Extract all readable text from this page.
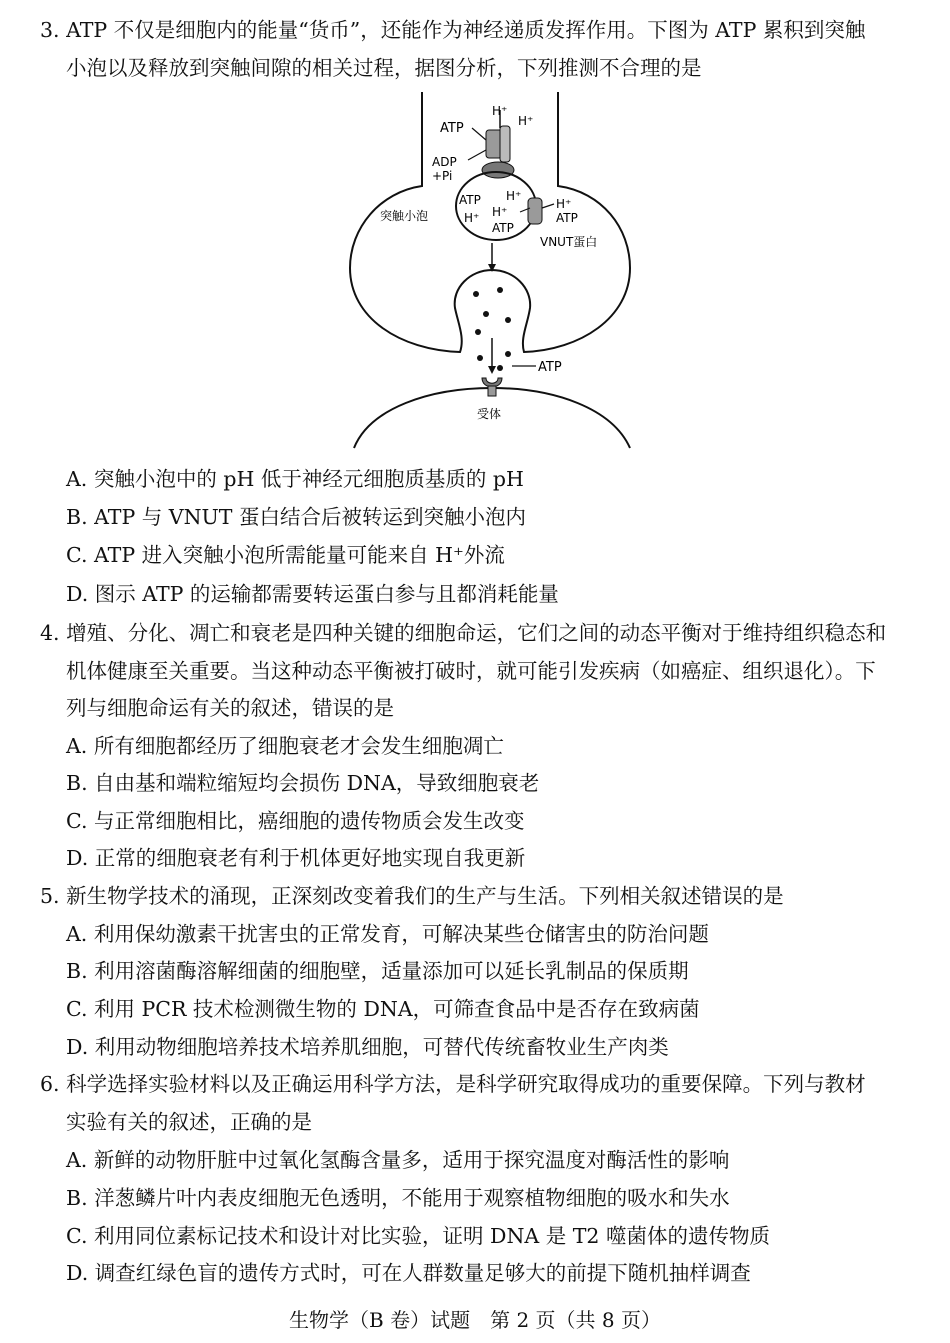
3. ATP 不仅是细胞内的能量“货币”，还能作为神经递质发挥作用。下图为 ATP 累积到突触
小泡以及释放到突触间隙的相关过程，据图分析，下列推测不合理的是
H⁺
H⁺
ATP
ADP
+Pi
突触小泡
ATP
H⁺
H⁺
H⁺
ATP
H⁺
ATP
VNUT蛋白
ATP
受体
A. 突触小泡中的 pH 低于神经元细胞质基质的 pH
B. ATP 与 VNUT 蛋白结合后被转运到突触小泡内
C. ATP 进入突触小泡所需能量可能来自 H⁺外流
D. 图示 ATP 的运输都需要转运蛋白参与且都消耗能量
4. 增殖、分化、凋亡和衰老是四种关键的细胞命运，它们之间的动态平衡对于维持组织稳态和
机体健康至关重要。当这种动态平衡被打破时，就可能引发疾病（如癌症、组织退化）。下
列与细胞命运有关的叙述，错误的是
A. 所有细胞都经历了细胞衰老才会发生细胞凋亡
B. 自由基和端粒缩短均会损伤 DNA，导致细胞衰老
C. 与正常细胞相比，癌细胞的遗传物质会发生改变
D. 正常的细胞衰老有利于机体更好地实现自我更新
5. 新生物学技术的涌现，正深刻改变着我们的生产与生活。下列相关叙述错误的是
A. 利用保幼激素干扰害虫的正常发育，可解决某些仓储害虫的防治问题
B. 利用溶菌酶溶解细菌的细胞壁，适量添加可以延长乳制品的保质期
C. 利用 PCR 技术检测微生物的 DNA，可筛查食品中是否存在致病菌
D. 利用动物细胞培养技术培养肌细胞，可替代传统畜牧业生产肉类
6. 科学选择实验材料以及正确运用科学方法，是科学研究取得成功的重要保障。下列与教材
实验有关的叙述，正确的是
A. 新鲜的动物肝脏中过氧化氢酶含量多，适用于探究温度对酶活性的影响
B. 洋葱鳞片叶内表皮细胞无色透明，不能用于观察植物细胞的吸水和失水
C. 利用同位素标记技术和设计对比实验，证明 DNA 是 T2 噬菌体的遗传物质
D. 调查红绿色盲的遗传方式时，可在人群数量足够大的前提下随机抽样调查
生物学（B 卷）试题　第 2 页（共 8 页）
